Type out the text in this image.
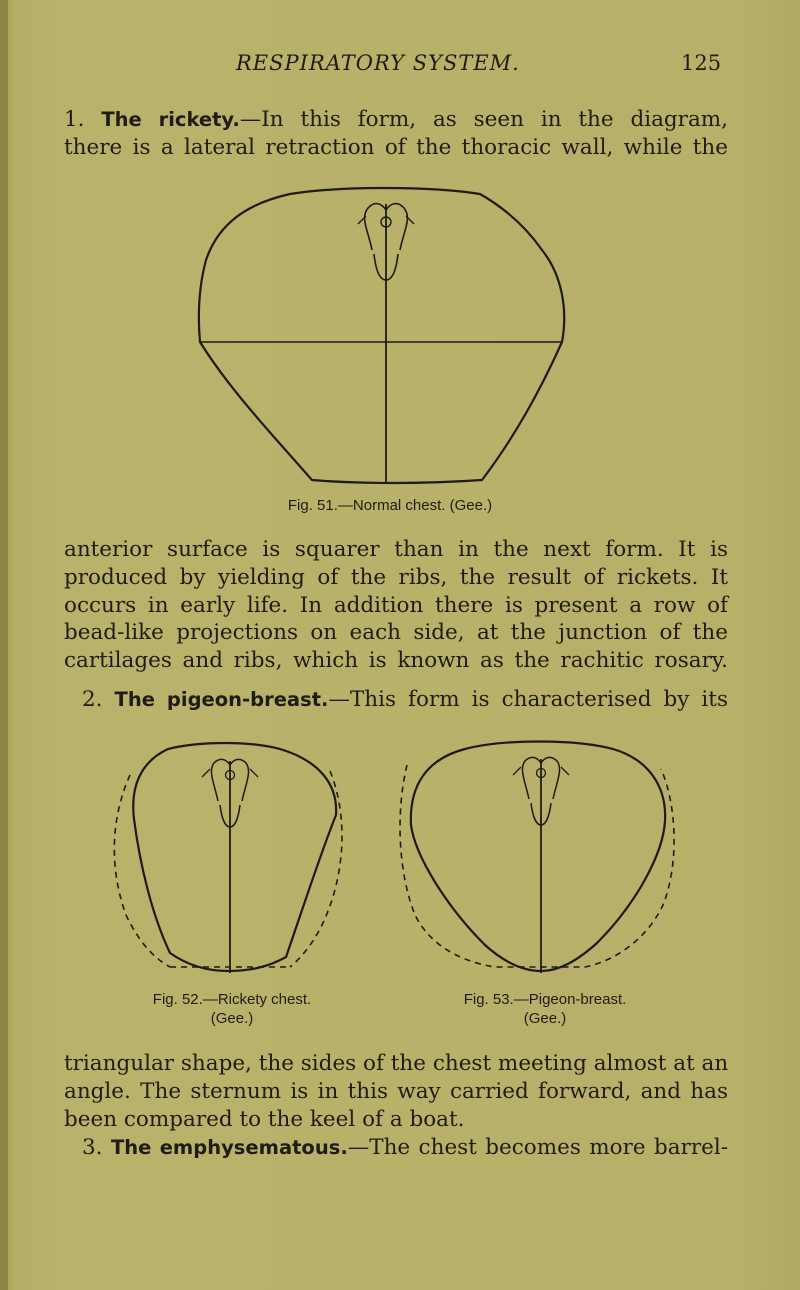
RESPIRATORY SYSTEM.	125
1. The rickety.—In this form, as seen in the diagram,
there is a lateral retraction of the thoracic wall, while the
Fig. 51.—Normal chest. (Gee.)
anterior surface is squarer than in the next form. It is
produced by yielding of the ribs, the result of rickets. It
occurs in early life. In addition there is present a row of
bead-like projections on each side, at the junction of the
cartilages and ribs, which is known as the rachitic rosary.
2. The pigeon-breast.—This form is characterised by its
Fig. 52.—Rickety chest.
(Gee.)
Fig. 53.—Pigeon-breast.
(Gee.)
triangular shape, the sides of the chest meeting almost at an
angle. The sternum is in this way carried forward, and has
been compared to the keel of a boat.
3. The emphysematous.—The chest becomes more barrel-
